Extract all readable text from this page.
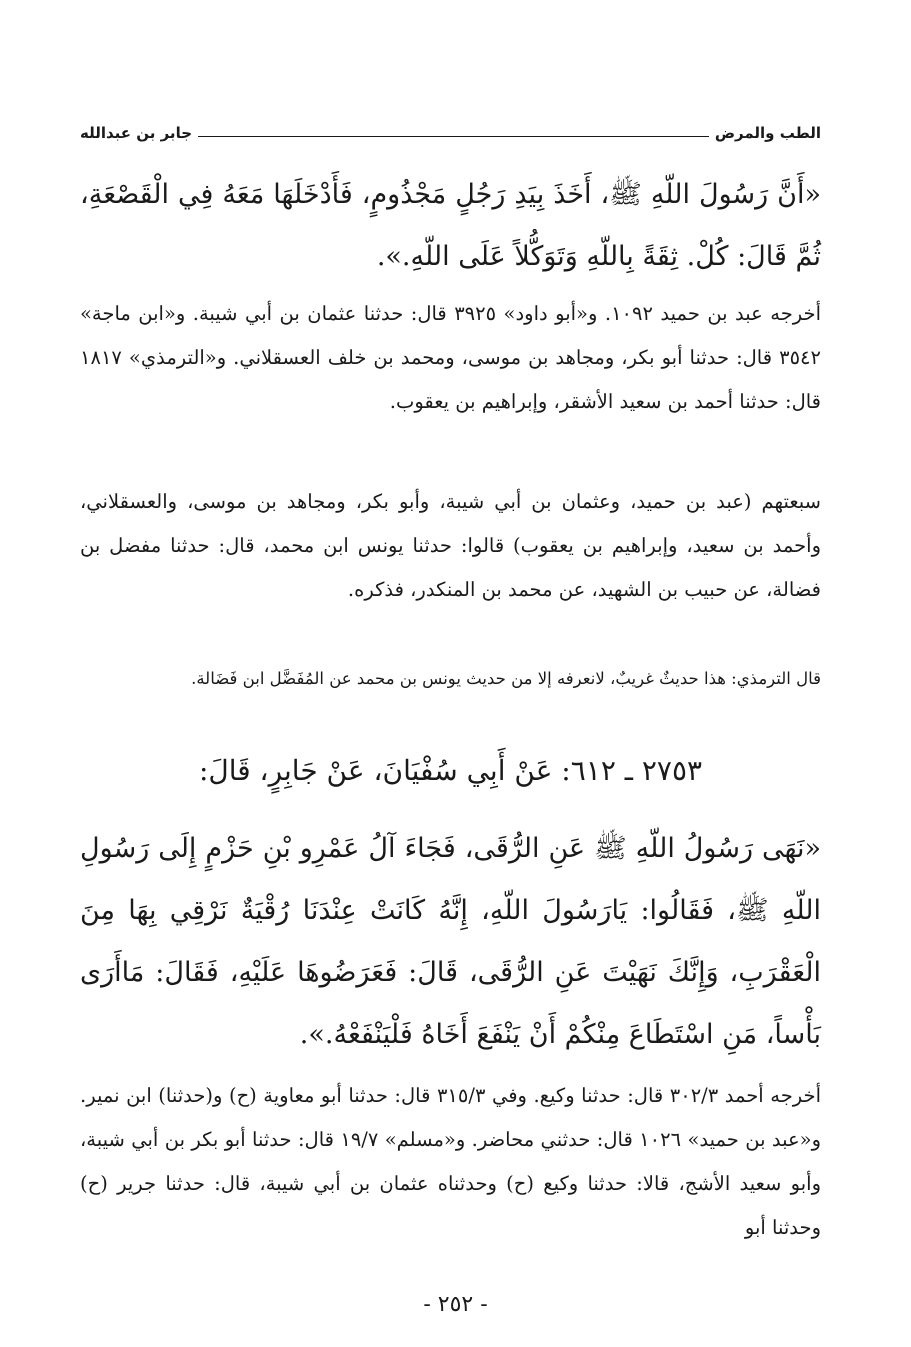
الطب والمرض
جابر بن عبدالله
«أَنَّ رَسُولَ اللّهِ ﷺ، أَخَذَ بِيَدِ رَجُلٍ مَجْذُومٍ، فَأَدْخَلَهَا مَعَهُ فِي الْقَصْعَةِ، ثُمَّ قَالَ: كُلْ. ثِقَةً بِاللّهِ وَتَوَكُّلاً عَلَى اللّهِ.».
أخرجه عبد بن حميد ١٠٩٢. و«أبو داود» ٣٩٢٥ قال: حدثنا عثمان بن أبي شيبة. و«ابن ماجة» ٣٥٤٢ قال: حدثنا أبو بكر، ومجاهد بن موسى، ومحمد بن خلف العسقلاني. و«الترمذي» ١٨١٧ قال: حدثنا أحمد بن سعيد الأشقر، وإبراهيم بن يعقوب.
سبعتهم (عبد بن حميد، وعثمان بن أبي شيبة، وأبو بكر، ومجاهد بن موسى، والعسقلاني، وأحمد بن سعيد، وإبراهيم بن يعقوب) قالوا: حدثنا يونس ابن محمد، قال: حدثنا مفضل بن فضالة، عن حبيب بن الشهيد، عن محمد بن المنكدر، فذكره.
قال الترمذي: هذا حديثٌ غريبٌ، لانعرفه إلا من حديث يونس بن محمد عن المُفَضَّل ابن فَضَالة.
٢٧٥٣ ـ ٦١٢: عَنْ أَبِي سُفْيَانَ، عَنْ جَابِرٍ، قَالَ:
«نَهَى رَسُولُ اللّهِ ﷺ عَنِ الرُّقَى، فَجَاءَ آلُ عَمْرِو بْنِ حَزْمٍ إِلَى رَسُولِ اللّهِ ﷺ، فَقَالُوا: يَارَسُولَ اللّهِ، إِنَّهُ كَانَتْ عِنْدَنَا رُقْيَةٌ نَرْقِي بِهَا مِنَ الْعَقْرَبِ، وَإِنَّكَ نَهَيْتَ عَنِ الرُّقَى، قَالَ: فَعَرَضُوهَا عَلَيْهِ، فَقَالَ: مَاأَرَى بَأْساً، مَنِ اسْتَطَاعَ مِنْكُمْ أَنْ يَنْفَعَ أَخَاهُ فَلْيَنْفَعْهُ.».
أخرجه أحمد ٣٠٢/٣ قال: حدثنا وكيع. وفي ٣١٥/٣ قال: حدثنا أبو معاوية (ح) و(حدثنا) ابن نمير. و«عبد بن حميد» ١٠٢٦ قال: حدثني محاضر. و«مسلم» ١٩/٧ قال: حدثنا أبو بكر بن أبي شيبة، وأبو سعيد الأشج، قالا: حدثنا وكيع (ح) وحدثناه عثمان بن أبي شيبة، قال: حدثنا جرير (ح) وحدثنا أبو
- ٢٥٢ -
